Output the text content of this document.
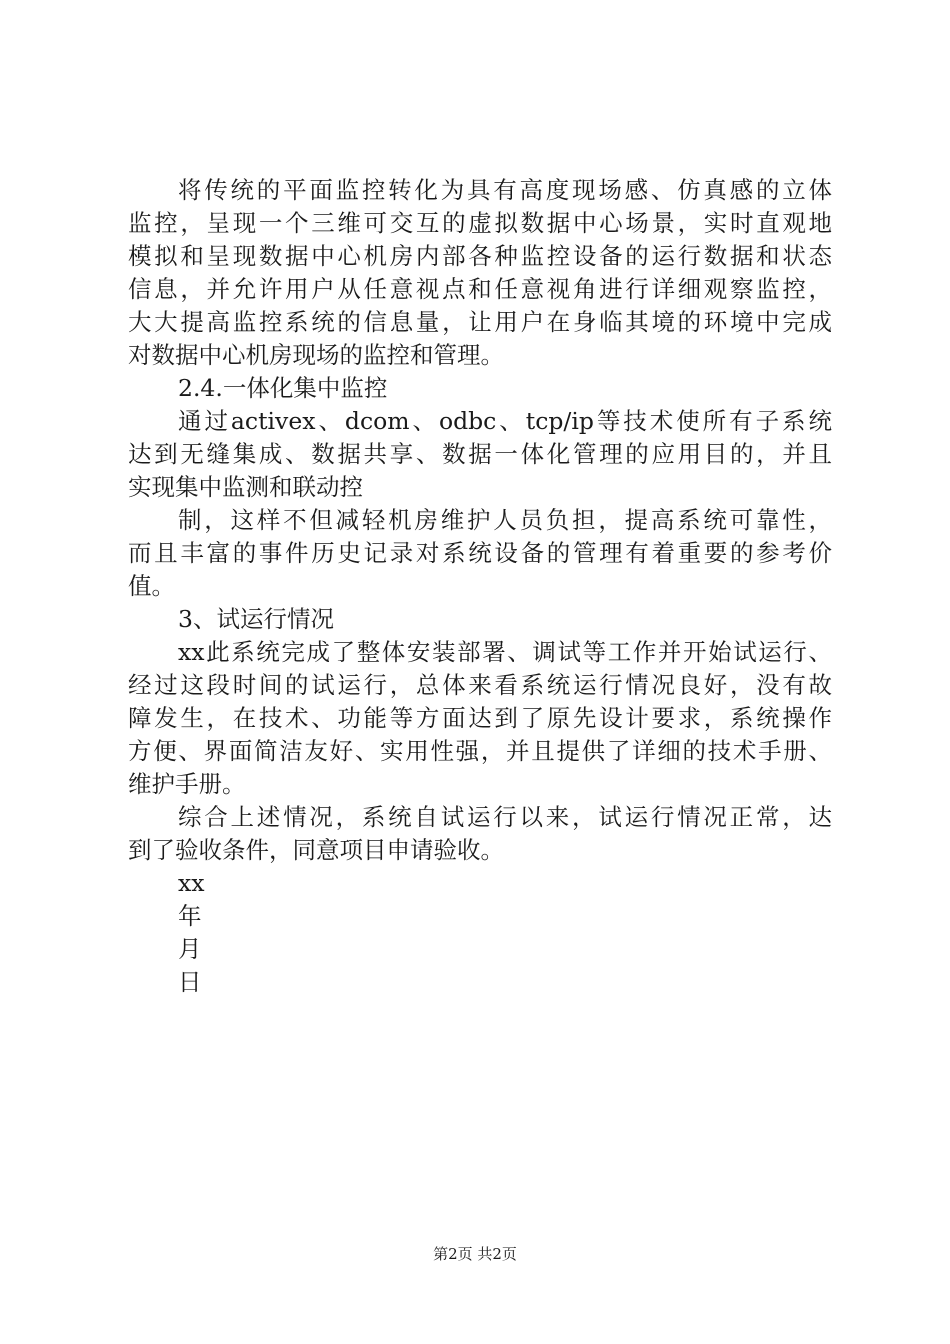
将传统的平面监控转化为具有高度现场感、仿真感的立体
监控，呈现一个三维可交互的虚拟数据中心场景，实时直观地
模拟和呈现数据中心机房内部各种监控设备的运行数据和状态
信息，并允许用户从任意视点和任意视角进行详细观察监控，
大大提高监控系统的信息量，让用户在身临其境的环境中完成
对数据中心机房现场的监控和管理。
2.4.一体化集中监控
通过activex、dcom、odbc、tcp/ip等技术使所有子系统
达到无缝集成、数据共享、数据一体化管理的应用目的，并且
实现集中监测和联动控
制，这样不但减轻机房维护人员负担，提高系统可靠性，
而且丰富的事件历史记录对系统设备的管理有着重要的参考价
值。
3、试运行情况
xx此系统完成了整体安装部署、调试等工作并开始试运行、
经过这段时间的试运行，总体来看系统运行情况良好，没有故
障发生，在技术、功能等方面达到了原先设计要求，系统操作
方便、界面简洁友好、实用性强，并且提供了详细的技术手册、
维护手册。
综合上述情况，系统自试运行以来，试运行情况正常，达
到了验收条件，同意项目申请验收。
xx
年
月
日
第2页 共2页
